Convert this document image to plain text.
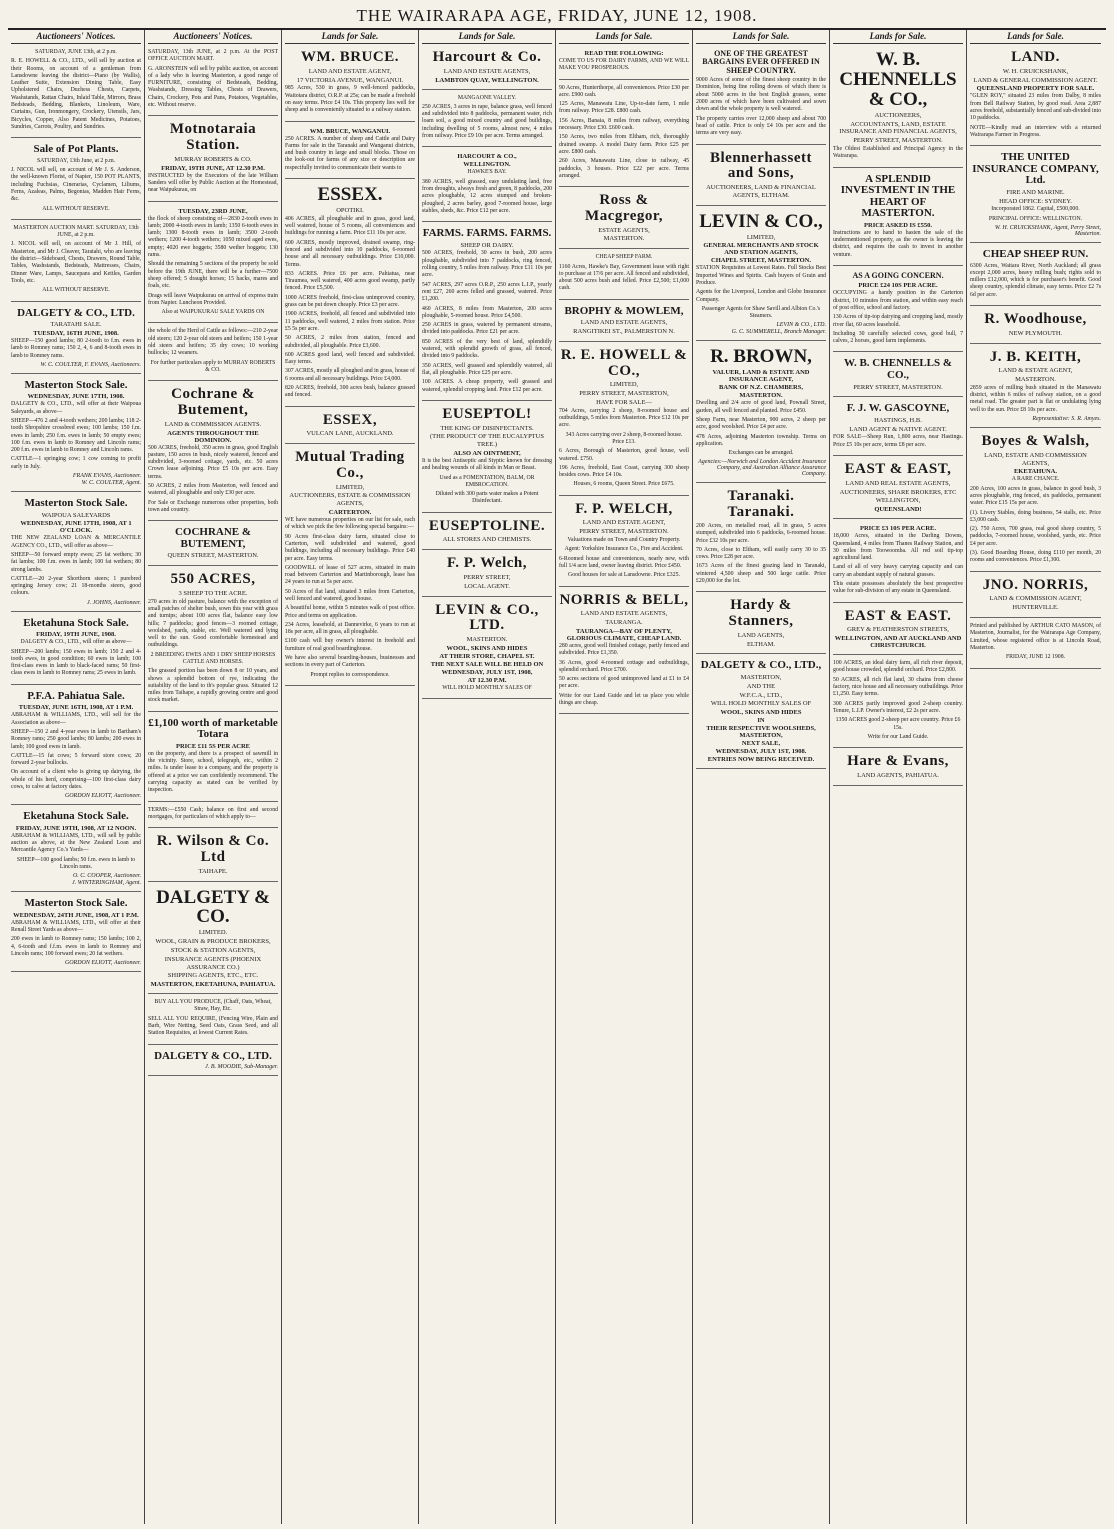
THE WAIRARAPA AGE, FRIDAY, JUNE 12, 1908.
Auctioneers' Notices.

SATURDAY, JUNE 13th, at 2 p.m.

R. E. HOWELL & CO., LTD., will sell by auction at their Rooms, on account of a gentleman from Lansdowne leaving the district—Piano (by Wallis), Leather Suite, Extension Dining Table, Easy Upholstered Chairs, Duchess Chests, Carpets, Washstands, Rattan Chairs, Inlaid Table, Mirrors, Brass Bedsteads, Bedding, Blankets, Linoleum, Ware, Curtains, Gun, Ironmongery, Crockery, Utensils, Jars, Bicycles, Copper, Also Patent Medicines, Potatoes, Sundries, Carrots, Poultry, and Sundries.

Sale of Pot Plants.

SATURDAY, 13th June, at 2 p.m.

J. NICOL will sell, on account of Mr J. S. Anderson, the well-known Florist, of Napier, 150 POT PLANTS, including Fuchsias, Cinerarias, Cyclamen, Liliums, Ferns, Azaleas, Palms, Begonias, Madden Hair Ferns, &c.

ALL WITHOUT RESERVE.

MASTERTON AUCTION MART. SATURDAY, 13th JUNE, at 2 p.m.

J. NICOL will sell, on account of Mr J. Hill, of Masterton, and Mr J. Cleaver, Taratahi, who are leaving the district—Sideboard, Chests, Drawers, Round Table, Tables, Washstands, Bedsteads, Mattresses, Chairs, Dinner Ware, Lamps, Saucepans and Kettles, Garden Tools, etc.

ALL WITHOUT RESERVE.

DALGETY & CO., LTD.
TARATAHI SALE.
TUESDAY, 16TH JUNE, 1908.

SHEEP—150 good lambs; 80 2-tooth to f.m. ewes in lamb to Romney rams; 150 2, 4, 6 and 8-tooth ewes in lamb to Romney rams.

W. C. COULTER, F. EVANS, Auctioneers.
Masterton Stock Sale.
WEDNESDAY, JUNE 17TH, 1908.

DALGETY & CO., LTD., will offer at their Waipoua Saleyards, as above—

SHEEP—476 2 and 4-tooth wethers; 200 lambs; 118 2-tooth Shropshire crossbred ewes; 100 lambs; 150 f.m. ewes in lamb; 250 f.m. ewes in lamb; 50 empty ewes; 100 f.m. ewes in lamb to Romney and Lincoln rams; 200 f.m. ewes in lamb to Romney and Lincoln rams.

CATTLE—1 springing cow; 1 cow coming to profit early in July.

FRANK EVANS, Auctioneer.
W. C. COULTER, Agent.
Masterton Stock Sale.
WAIPOUA SALEYARDS
WEDNESDAY, JUNE 17TH, 1908, AT 1 O'CLOCK.

THE NEW ZEALAND LOAN & MERCANTILE AGENCY CO., LTD., will offer as above—

SHEEP—50 forward empty ewes; 25 fat wethers; 30 fat lambs; 100 f.m. ewes in lamb; 100 fat wethers; 80 strong lambs.

CATTLE—20 2-year Shorthorn steers; 1 purebred springing Jersey cow; 21 18-months steers, good colours.

J. JOHNS, Auctioneer.
Eketahuna Stock Sale.
FRIDAY, 19TH JUNE, 1908.

DALGETY & CO., LTD., will offer as above—

SHEEP—200 lambs; 150 ewes in lamb; 150 2 and 4-tooth ewes, in good condition; 60 ewes in lamb; 100 first-class ewes in lamb to black-faced rams; 50 first-class ewes in lamb to Romney rams; 25 ewes in lamb.

P.F.A. Pahiatua Sale.
TUESDAY, JUNE 16TH, 1908, AT 1 P.M.

ABRAHAM & WILLIAMS, LTD., will sell for the Association as above—

SHEEP—150 2 and 4-year ewes in lamb to Bartham's Romney rams; 250 good lambs; 80 lambs; 200 ewes in lamb; 100 good ewes in lamb.

CATTLE—15 fat cows; 5 forward store cows; 20 forward 2-year bullocks.

On account of a client who is giving up dairying, the whole of his herd, comprising—100 first-class dairy cows, to calve at factory dates.

GORDON ELIOTT, Auctioneer.
Eketahuna Stock Sale.
FRIDAY, JUNE 19TH, 1908, AT 12 NOON.

ABRAHAM & WILLIAMS, LTD., will sell by public auction as above, at the New Zealand Loan and Mercantile Agency Co.'s Yards—

SHEEP—100 good lambs; 50 f.m. ewes in lamb to Lincoln rams.

O. C. COOPER, Auctioneer.
J. WINTERINGHAM, Agent.
Masterton Stock Sale.
WEDNESDAY, 24TH JUNE, 1908, AT 1 P.M.

ABRAHAM & WILLIAMS, LTD., will offer at their Renall Street Yards as above—

200 ewes in lamb to Romney rams; 150 lambs; 100 2, 4, 6-tooth and f.f.m. ewes in lamb to Romney and Lincoln rams; 100 forward ewes; 20 fat wethers.

GORDON ELIOTT, Auctioneer.
Auctioneers' Notices.

SATURDAY, 13th JUNE, at 2 p.m. At the POST OFFICE AUCTION MART.

G. ARONSTEIN will sell by public auction, on account of a lady who is leaving Masterton, a good range of FURNITURE, consisting of Bedsteads, Bedding, Washstands, Dressing Tables, Chests of Drawers, Chairs, Crockery, Pots and Pans, Potatoes, Vegetables, etc. Without reserve.

Motnotaraia Station.
MURRAY ROBERTS & CO.
FRIDAY, 19TH JUNE, AT 12.30 P.M.

INSTRUCTED by the Executors of the late William Sanders will offer by Public Auction at the Homestead, near Waipukurau, on

TUESDAY, 23RD JUNE,

the flock of sheep consisting of—2830 2-tooth ewes in lamb; 2000 4-tooth ewes in lamb; 1350 6-tooth ewes in lamb; 1300 8-tooth ewes in lamb; 3500 2-tooth wethers; 1200 4-tooth wethers; 1050 mixed aged ewes, empty; 4020 ewe hoggets; 3580 wether hoggets; 130 rams.

Should the remaining 5 sections of the property be sold before the 19th JUNE, there will be a further—7500 sheep offered; 5 draught horses; 15 hacks, mares and foals, etc.

Drags will leave Waipukurau on arrival of express train from Napier. Luncheon Provided.

Also at WAIPUKURAU SALE YARDS ON

the whole of the Herd of Cattle as follows:—210 2-year old steers; 120 2-year old steers and heifers; 150 1-year old steers and heifers; 35 dry cows; 10 working bullocks; 12 weaners.

For further particulars apply to MURRAY ROBERTS & CO.

Cochrane & Butement,
LAND & COMMISSION AGENTS.
AGENTS THROUGHOUT THE DOMINION.

500 ACRES, freehold, 350 acres in grass, good English pasture, 150 acres in bush, nicely watered, fenced and subdivided, 3-roomed cottage, yards, etc. 50 acres Crown lease adjoining. Price £5 10s per acre. Easy terms.

50 ACRES, 2 miles from Masterton, well fenced and watered, all ploughable and only £30 per acre.

For Sale or Exchange numerous other properties, both town and country.

COCHRANE & BUTEMENT,
QUEEN STREET, MASTERTON.
550 ACRES,
3 SHEEP TO THE ACRE.

270 acres in old pasture, balance with the exception of small patches of shelter bush, sown this year with grass and turnips; about 100 acres flat, balance easy low hills; 7 paddocks; good fences—3 roomed cottage, woolshed, yards, stable, etc. Well watered and lying well to the sun. Good comfortable homestead and outbuildings.

2 BREEDING EWES AND 1 DRY SHEEP HORSES CATTLE AND HORSES.

The grassed portion has been down 8 or 10 years, and shows a splendid bottom of rye, indicating the suitability of the land to th's popular grass. Situated 12 miles from Taihape, a rapidly growing centre and good stock market.

£1,100 worth of marketable Totara
PRICE £11 5S PER ACRE

on the property, and there is a prospect of sawmill in the vicinity. Store, school, telegraph, etc., within 2 miles. Is under lease to a company, and the property is offered at a price we can confidently recommend. The carrying capacity as stated can be verified by inspection.

TERMS:—£550 Cash; balance on first and second mortgages, for particulars of which apply to—

R. Wilson & Co. Ltd
TAIHAPE.
DALGETY & CO.
LIMITED.
WOOL, GRAIN & PRODUCE BROKERS,
STOCK & STATION AGENTS,
INSURANCE AGENTS (PHOENIX ASSURANCE CO.)
SHIPPING AGENTS, ETC., ETC.
MASTERTON, EKETAHUNA, PAHIATUA.

BUY ALL YOU PRODUCE, (Chaff, Oats, Wheat, Straw, Hay, Etc.

SELL ALL YOU REQUIRE, (Fencing Wire, Plain and Barb, Wire Netting, Seed Oats, Grass Seed, and all Station Requisites, at lowest Current Rates.

DALGETY & CO., LTD.
J. B. MOODIE, Sub-Manager.
Lands for Sale.
WM. BRUCE.
LAND AND ESTATE AGENT,
17 VICTORIA AVENUE, WANGANUI.

985 Acres, 530 in grass, 9 well-fenced paddocks, Waitotara district, O.R.P. at 25s; can be made a freehold on easy terms. Price £4 10s. This property lies well for sheep and is conveniently situated to a railway station.

WM. BRUCE, WANGANUI.

250 ACRES. A number of sheep and Cattle and Dairy Farms for sale in the Taranaki and Wanganui districts, and bush country in large and small blocks. Those on the look-out for farms of any size or description are respectfully invited to communicate their wants to

ESSEX.
OPOTIKI.

406 ACRES, all ploughable and in grass, good land, well watered, house of 5 rooms, all conveniences and buildings for running a farm. Price £11 10s per acre.

600 ACRES, mostly improved, drained swamp, ring-fenced and subdivided into 10 paddocks, 6-roomed house and all necessary outbuildings. Price £10,000. Terms.

833 ACRES. Price £6 per acre. Pahiatua, near Tiraumea, well watered, 400 acres good swamp, partly fenced. Price £5,500.

1000 ACRES freehold, first-class unimproved country, grass can be put down cheaply. Price £3 per acre.

1900 ACRES, freehold, all fenced and subdivided into 11 paddocks, well watered, 2 miles from station. Price £5 5s per acre.

50 ACRES, 2 miles from station, fenced and subdivided, all ploughable. Price £3,600.

600 ACRES good land, well fenced and subdivided. Easy terms.

307 ACRES, mostly all ploughed and in grass, house of 6 rooms and all necessary buildings. Price £4,000.

820 ACRES, freehold, 300 acres bush, balance grassed and fenced.

ESSEX,
VULCAN LANE, AUCKLAND.
Mutual Trading Co.,
LIMITED,
AUCTIONEERS, ESTATE & COMMISSION AGENTS,
CARTERTON.

WE have numerous properties on our list for sale, each of which we pick the few following special bargains:—

90 Acres first-class dairy farm, situated close to Carterton, well subdivided and watered, good buildings, including all necessary buildings. Price £40 per acre. Easy terms.

GOODWILL of lease of 527 acres, situated in main road between Carterton and Martinborough, lease has 24 years to run at 5s per acre.

50 Acres of flat land, situated 3 miles from Carterton, well fenced and watered, good house.

A beautiful home, within 5 minutes walk of post office. Price and terms on application.

234 Acres, leasehold, at Dannevirke, 6 years to run at 18s per acre, all in grass, all ploughable.

£100 cash will buy owner's interest in freehold and furniture of real good boardinghouse.

We have also several boarding-houses, businesses and sections in every part of Carterton.

Prompt replies to correspondence.

Lands for Sale.
Harcourt & Co.
LAND AND ESTATE AGENTS,
LAMBTON QUAY, WELLINGTON.

MANGAONE VALLEY.

250 ACRES, 3 acres in rape, balance grass, well fenced and subdivided into 8 paddocks, permanent water, rich loam soil, a good mixed country and good buildings, including dwelling of 5 rooms, almost new, 4 miles from railway. Price £9 10s per acre. Terms arranged.

HARCOURT & CO.,
WELLINGTON.

HAWKE'S BAY.

380 ACRES, well grassed, easy undulating land, free from droughts, always fresh and green, 8 paddocks, 200 acres ploughable, 12 acres stumped and broken-ploughed, 2 acres barley, good 7-roomed house, large stables, sheds, &c. Price £12 per acre.

FARMS. FARMS. FARMS.
SHEEP OR DAIRY.

500 ACRES, freehold, 30 acres in bush, 200 acres ploughable, subdivided into 7 paddocks, ring fenced, rolling country, 5 miles from railway. Price £11 10s per acre.

547 ACRES, 297 acres O.R.P., 250 acres L.I.P., yearly rent £27, 260 acres felled and grassed, watered. Price £1,200.

460 ACRES, 8 miles from Masterton, 200 acres ploughable, 5-roomed house. Price £4,500.

250 ACRES in grass, watered by permanent streams, divided into paddocks. Price £21 per acre.

850 ACRES of the very best of land, splendidly watered, with splendid growth of grass, all fenced, divided into 9 paddocks.

350 ACRES, well grassed and splendidly watered, all flat, all ploughable. Price £25 per acre.

100 ACRES. A cheap property, well grassed and watered, splendid cropping land. Price £12 per acre.

EUSEPTOL!
THE KING OF DISINFECTANTS.
(THE PRODUCT OF THE EUCALYPTUS TREE.)
ALSO AN OINTMENT,

It is the best Antiseptic and Styptic known for dressing and healing wounds of all kinds in Man or Beast.

Used as a FOMENTATION, BALM, OR EMBROCATION.

Diluted with 300 parts water makes a Potent Disinfectant.

EUSEPTOLINE.
ALL STORES AND CHEMISTS.
F. P. Welch,
PERRY STREET,
LOCAL AGENT.
LEVIN & CO., LTD.
MASTERTON.
WOOL, SKINS AND HIDES
AT THEIR STORE, CHAPEL ST.
THE NEXT SALE WILL BE HELD ON
WEDNESDAY, JULY 1ST, 1908,
AT 12.30 P.M.

WILL HOLD MONTHLY SALES OF

Lands for Sale.
READ THE FOLLOWING:

COME TO US FOR DAIRY FARMS, AND WE WILL MAKE YOU PROSPEROUS.

90 Acres, Hunterthorpe, all conveniences. Price £30 per acre. £900 cash.

125 Acres, Manawatu Line, Up-to-date farm, 1 mile from railway. Price £28. £800 cash.

156 Acres, Banaia, 8 miles from railway, everything necessary. Price £30. £600 cash.

150 Acres, two miles from Eltham, rich, thoroughly drained swamp. A model Dairy farm. Price £25 per acre. £800 cash.

260 Acres, Manawatu Line, close to railway, 45 paddocks, 3 houses. Price £22 per acre. Terms arranged.

Ross & Macgregor,
ESTATE AGENTS,
MASTERTON.

CHEAP SHEEP FARM.

1160 Acres, Hawke's Bay, Government lease with right to purchase at 17/6 per acre. All fenced and subdivided, about 500 acres bush and felled. Price £2,500; £1,000 cash.

BROPHY & MOWLEM,
LAND AND ESTATE AGENTS,
RANGITIKEI ST., PALMERSTON N.
R. E. HOWELL & CO.,
LIMITED,
PERRY STREET, MASTERTON,
HAVE FOR SALE—

704 Acres, carrying 2 sheep, 8-roomed house and outbuildings, 5 miles from Masterton. Price £12 10s per acre.

343 Acres carrying over 2 sheep, 8-roomed house. Price £13.

6 Acres, Borough of Masterton, good house, well watered. £750.

196 Acres, freehold, East Coast, carrying 300 sheep besides cows. Price £4 10s.

Houses, 6 rooms, Queen Street. Price £675.

F. P. WELCH,
LAND AND ESTATE AGENT,
PERRY STREET, MASTERTON.

Valuations made on Town and Country Property.

Agent: Yorkshire Insurance Co., Fire and Accident.

6-Roomed house and conveniences, nearly new, with full 1/4 acre land, owner leaving district. Price £450.

Good houses for sale at Lansdowne. Price £325.

NORRIS & BELL,
LAND AND ESTATE AGENTS,
TAURANGA.
TAURANGA—BAY OF PLENTY, GLORIOUS CLIMATE, CHEAP LAND.

280 acres, good well finished cottage, partly fenced and subdivided. Price £1,350.

36 Acres, good 4-roomed cottage and outbuildings, splendid orchard. Price £700.

50 acres sections of good unimproved land at £1 to £4 per acre.

Write for our Land Guide and let us place you while things are cheap.

Lands for Sale.
ONE OF THE GREATEST BARGAINS EVER OFFERED IN SHEEP COUNTRY.

9000 Acres of some of the finest sheep country in the Dominion, being fine rolling downs of which there is about 5000 acres in the best English grasses, some 2000 acres of which have been cultivated and sown down and the whole property is well watered.

The property carries over 12,000 sheep and about 700 head of cattle. Price is only £4 10s per acre and the terms are very easy.

Blennerhassett and Sons,
AUCTIONEERS, LAND & FINANCIAL AGENTS, ELTHAM.
LEVIN & CO.,
LIMITED,
GENERAL MERCHANTS AND STOCK AND STATION AGENTS,
CHAPEL STREET, MASTERTON.

STATION Requisites at Lowest Rates. Full Stocks Best Imported Wines and Spirits. Cash buyers of Grain and Produce.

Agents for the Liverpool, London and Globe Insurance Company.

Passenger Agents for Shaw Savill and Albion Co.'s Steamers.

LEVIN & CO., LTD.
G. C. SUMMERELL, Branch Manager.
R. BROWN,
VALUER, LAND & ESTATE AND INSURANCE AGENT,
BANK OF N.Z. CHAMBERS,
MASTERTON.

Dwelling and 2/4 acre of good land, Pownall Street, garden, all well fenced and planted. Price £450.

Sheep Farm, near Masterton, 900 acres, 2 sheep per acre, good woolshed. Price £4 per acre.

478 Acres, adjoining Masterton township. Terms on application.

Exchanges can be arranged.

Agencies:—Norwich and London Accident Insurance Company, and Australian Alliance Assurance Company.
Taranaki. Taranaki.

200 Acres, on metalled road, all in grass, 5 acres stumped, subdivided into 6 paddocks, 6-roomed house. Price £32 10s per acre.

70 Acres, close to Eltham, will easily carry 30 to 35 cows. Price £28 per acre.

1673 Acres of the finest grazing land in Taranaki, wintered 4,500 sheep and 500 large cattle. Price £20,000 for the lot.

Hardy & Stanners,
LAND AGENTS,
ELTHAM.
DALGETY & CO., LTD.,
MASTERTON,
AND THE
W.F.C.A., LTD.,
WILL HOLD MONTHLY SALES OF
WOOL, SKINS AND HIDES
IN
THEIR RESPECTIVE WOOLSHEDS, MASTERTON,
NEXT SALE,
WEDNESDAY, JULY 1ST, 1908.
ENTRIES NOW BEING RECEIVED.
Lands for Sale.
W. B. CHENNELLS & CO.,
AUCTIONEERS,
ACCOUNTANTS, LAND, ESTATE INSURANCE AND FINANCIAL AGENTS,
PERRY STREET, MASTERTON.

The Oldest Established and Principal Agency in the Wairarapa.

A SPLENDID INVESTMENT IN THE HEART OF MASTERTON.
PRICE ASKED IS £550.

Instructions are to hand to hasten the sale of the undermentioned property, as the owner is leaving the district, and requires the cash to invest in another venture.

AS A GOING CONCERN.
PRICE £24 10S PER ACRE.

OCCUPYING a handy position in the Carterton district, 10 minutes from station, and within easy reach of post office, school and factory.

130 Acres of tip-top dairying and cropping land, mostly river flat, 60 acres leasehold.

Including 30 carefully selected cows, good bull, 7 calves, 2 horses, good farm implements.

W. B. CHENNELLS & CO.,
PERRY STREET, MASTERTON.
F. J. W. GASCOYNE,
HASTINGS, H.B.
LAND AGENT & NATIVE AGENT.

FOR SALE—Sheep Run, 1,800 acres, near Hastings. Price £5 10s per acre, terms £8 per acre.

EAST & EAST,
LAND AND REAL ESTATE AGENTS,
AUCTIONEERS, SHARE BROKERS, ETC
WELLINGTON,
QUEENSLAND!
PRICE £3 10S PER ACRE.

18,000 Acres, situated in the Darling Downs, Queensland, 4 miles from Thanes Railway Station, and 30 miles from Toowoomba. All red soil tip-top agricultural land.

Land of all of very heavy carrying capacity and can carry an abundant supply of natural grasses.

This estate possesses absolutely the best prospective value for sub-division of any estate in Queensland.

EAST & EAST.
GREY & FEATHERSTON STREETS,
WELLINGTON, AND AT AUCKLAND AND CHRISTCHURCH.

100 ACRES, an ideal dairy farm, all rich river deposit, good house crowded, splendid orchard. Price £2,800.

50 ACRES, all rich flat land, 30 chains from cheese factory, nice house and all necessary outbuildings. Price £1,250. Easy terms.

300 ACRES partly improved good 2-sheep country. Tenure, L.I.P. Owner's interest, £2 2s per acre.

1350 ACRES good 2-sheep per acre country. Price £6 15s.

Write for our Land Guide.

Hare & Evans,
LAND AGENTS, PAHIATUA.
Lands for Sale.
LAND.
W. H. CRUICKSHANK,
LAND & GENERAL COMMISSION AGENT.
QUEENSLAND PROPERTY FOR SALE.

"GLEN ROY," situated 23 miles from Dalby, 8 miles from Bell Railway Station, by good road. Area 2,887 acres freehold, substantially fenced and sub-divided into 10 paddocks.

NOTE—Kindly read an interview with a returned Wairarapa Farmer in Progress.

THE UNITED INSURANCE COMPANY, Ltd.
FIRE AND MARINE.
HEAD OFFICE: SYDNEY.

Incorporated 1862. Capital, £500,000.

PRINCIPAL OFFICE: WELLINGTON.

W. H. CRUICKSHANK, Agent, Perry Street, Masterton.
CHEAP SHEEP RUN.

6300 Acres, Waitara River, North Auckland; all grass except 2,000 acres, heavy milling bush; rights sold to millers £12,000, which is for purchaser's benefit. Good sheep country, splendid climate, easy terms. Price £2 7s 6d per acre.

R. Woodhouse,
NEW PLYMOUTH.
J. B. KEITH,
LAND & ESTATE AGENT,
MASTERTON.

2859 acres of milling bush situated in the Manawatu district, within 6 miles of railway station, on a good metal road. The greater part is flat or undulating lying well to the sun. Price £8 10s per acre.

Representative: S. R. Amyes.
Boyes & Walsh,
LAND, ESTATE AND COMMISSION AGENTS,
EKETAHUNA.

A RARE CHANCE.

200 Acres, 100 acres in grass, balance in good bush, 3 acres ploughable, ring fenced, six paddocks, permanent water. Price £15 15s per acre.

(1). Livery Stables, doing business, 54 stalls, etc. Price £3,000 cash.

(2). 750 Acres, 700 grass, real good sheep country, 5 paddocks, 7-roomed house, woolshed, yards, etc. Price £4 per acre.

(3). Good Boarding House, doing £110 per month, 20 rooms and conveniences. Price £1,300.

JNO. NORRIS,
LAND & COMMISSION AGENT,
HUNTERVILLE.

Printed and published by ARTHUR CATO MASON, of Masterton, Journalist, for the Wairarapa Age Company, Limited, whose registered office is at Lincoln Road, Masterton.

FRIDAY, JUNE 12 1908.
